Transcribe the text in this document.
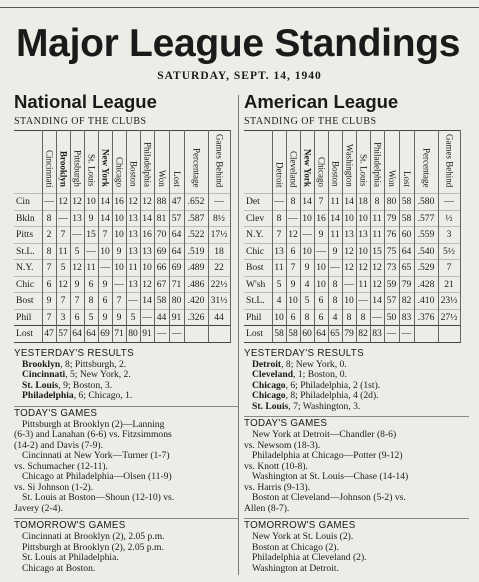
Major League Standings
SATURDAY, SEPT. 14, 1940
National League
STANDING OF THE CLUBS
	Cincinnati	Brooklyn	Pittsburgh	St. Louis	New York	Chicago	Boston	Philadelphia	Won	Lost	Percentage	Games Behind
Cin	—	12	12	10	14	16	12	12	88	47	.652	—
Bkln	8	—	13	9	14	10	13	14	81	57	.587	8½
Pitts	2	7	—	15	7	10	13	16	70	64	.522	17½
St.L.	8	11	5	—	10	9	13	13	69	64	.519	18
N.Y.	7	5	12	11	—	10	11	10	66	69	.489	22
Chic	6	12	9	6	9	—	13	12	67	71	.486	22½
Bost	9	7	7	8	6	7	—	14	58	80	.420	31½
Phil	7	3	6	5	9	9	5	—	44	91	.326	44
Lost	47	57	64	64	69	71	80	91	—	—		
YESTERDAY'S RESULTS
Brooklyn, 8; Pittsburgh, 2.
Cincinnati, 5; New York, 2.
St. Louis, 9; Boston, 3.
Philadelphia, 6; Chicago, 1.
TODAY'S GAMES
Pittsburgh at Brooklyn (2)—Lanning
(6-3) and Lanahan (6-6) vs. Fitzsimmons
(14-2) and Davis (7-9).
Cincinnati at New York—Turner (1-7)
vs. Schumacher (12-11).
Chicago at Philadelphia—Olsen (11-9)
vs. Si Johnson (1-2).
St. Louis at Boston—Shoun (12-10) vs.
Javery (2-4).
TOMORROW'S GAMES
Cincinnati at Brooklyn (2), 2.05 p.m.
Pittsburgh at Brooklyn (2), 2.05 p.m.
St. Louis at Philadelphia.
Chicago at Boston.
American League
STANDING OF THE CLUBS
	Detroit	Cleveland	New York	Chicago	Boston	Washington	St. Louis	Philadelphia	Won	Lost	Percentage	Games Behind
Det	—	8	14	7	11	14	18	8	80	58	.580	—
Clev	8	—	10	16	14	10	10	11	79	58	.577	½
N.Y.	7	12	—	9	11	13	13	11	76	60	.559	3
Chic	13	6	10	—	9	12	10	15	75	64	.540	5½
Bost	11	7	9	10	—	12	12	12	73	65	.529	7
W'sh	5	9	4	10	8	—	11	12	59	79	.428	21
St.L.	4	10	5	6	8	10	—	14	57	82	.410	23½
Phil	10	6	8	6	4	8	8	—	50	83	.376	27½
Lost	58	58	60	64	65	79	82	83	—	—		
YESTERDAY'S RESULTS
Detroit, 8; New York, 0.
Cleveland, 1; Boston, 0.
Chicago, 6; Philadelphia, 2 (1st).
Chicago, 8; Philadelphia, 4 (2d).
St. Louis, 7; Washington, 3.
TODAY'S GAMES
New York at Detroit—Chandler (8-6)
vs. Newsom (18-3).
Philadelphia at Chicago—Potter (9-12)
vs. Knott (10-8).
Washington at St. Louis—Chase (14-14)
vs. Harris (9-13).
Boston at Cleveland—Johnson (5-2) vs.
Allen (8-7).
TOMORROW'S GAMES
New York at St. Louis (2).
Boston at Chicago (2).
Philadelphia at Cleveland (2).
Washington at Detroit.
